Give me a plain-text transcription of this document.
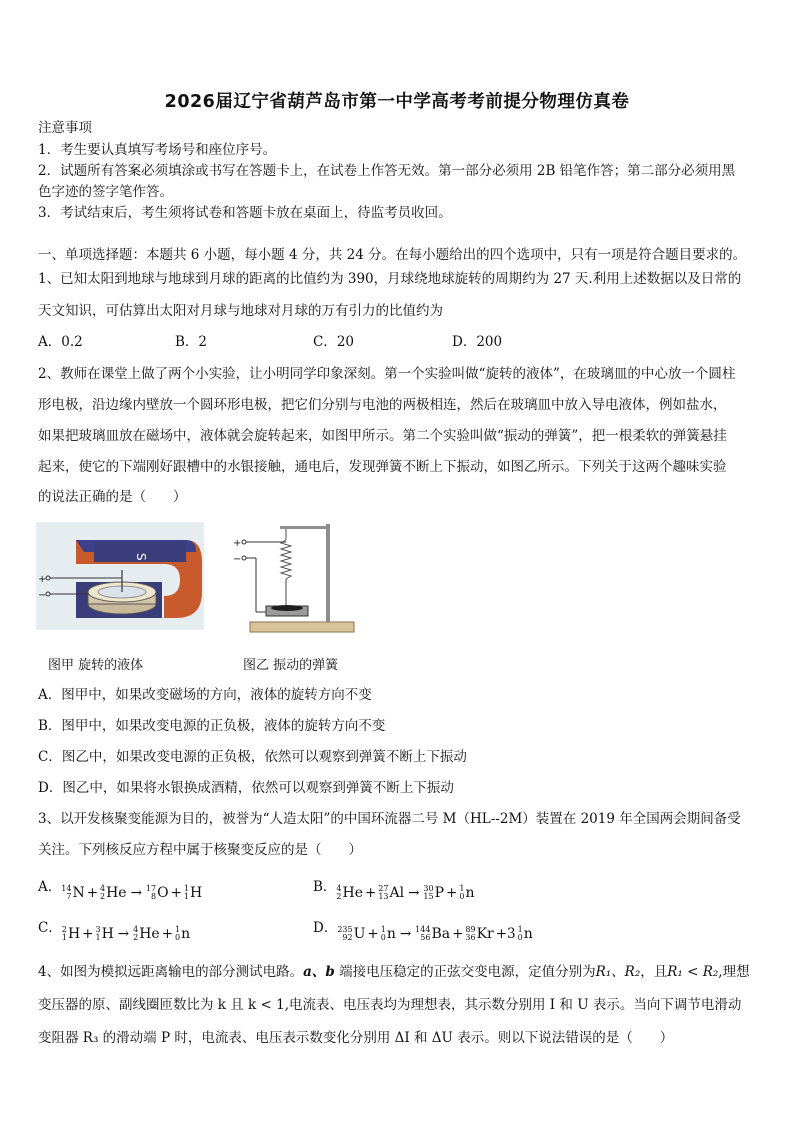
2026届辽宁省葫芦岛市第一中学高考考前提分物理仿真卷
注意事项
1．考生要认真填写考场号和座位序号。
2．试题所有答案必须填涂或书写在答题卡上，在试卷上作答无效。第一部分必须用 2B 铅笔作答；第二部分必须用黑
色字迹的签字笔作答。
3．考试结束后，考生须将试卷和答题卡放在桌面上，待监考员收回。
一、单项选择题：本题共 6 小题，每小题 4 分，共 24 分。在每小题给出的四个选项中，只有一项是符合题目要求的。
1、已知太阳到地球与地球到月球的距离的比值约为 390，月球绕地球旋转的周期约为 27 天.利用上述数据以及日常的
天文知识，可估算出太阳对月球与地球对月球的万有引力的比值约为
A．0.2	B．2	C．20	D．200
2、教师在课堂上做了两个小实验，让小明同学印象深刻。第一个实验叫做“旋转的液体”，在玻璃皿的中心放一个圆柱
形电极，沿边缘内壁放一个圆环形电极，把它们分别与电池的两极相连，然后在玻璃皿中放入导电液体，例如盐水，
如果把玻璃皿放在磁场中，液体就会旋转起来，如图甲所示。第二个实验叫做“振动的弹簧”，把一根柔软的弹簧悬挂
起来，使它的下端刚好跟槽中的水银接触，通电后，发现弹簧不断上下振动，如图乙所示。下列关于这两个趣味实验
的说法正确的是（　　）
S
+
−
+
−
图甲 旋转的液体	图乙 振动的弹簧
A．图甲中，如果改变磁场的方向，液体的旋转方向不变
B．图甲中，如果改变电源的正负极，液体的旋转方向不变
C．图乙中，如果改变电源的正负极，依然可以观察到弹簧不断上下振动
D．图乙中，如果将水银换成酒精，依然可以观察到弹簧不断上下振动
3、以开发核聚变能源为目的，被誉为“人造太阳”的中国环流器二号 M（HL--2M）装置在 2019 年全国两会期间备受
关注。下列核反应方程中属于核聚变反应的是（　　）
A． 14
7 N + 4
2 He → 17
8 O + 1
1 H	B． 4
2 He + 27
13 Al → 30
15 P + 1
0 n
C． 2
1 H + 3
1 H → 4
2 He + 1
0 n	D． 235
92 U + 1
0 n → 144
56 Ba + 89
36 Kr +3 1
0 n
4、如图为模拟远距离输电的部分测试电路。a、b 端接电压稳定的正弦交变电源，定值分别为R₁、R₂，且R₁ < R₂,理想
变压器的原、副线圈匝数比为 k 且 k < 1,电流表、电压表均为理想表，其示数分别用 I 和 U 表示。当向下调节电滑动
变阻器 R₃ 的滑动端 P 时，电流表、电压表示数变化分别用 ΔI 和 ΔU 表示。则以下说法错误的是（　　）
